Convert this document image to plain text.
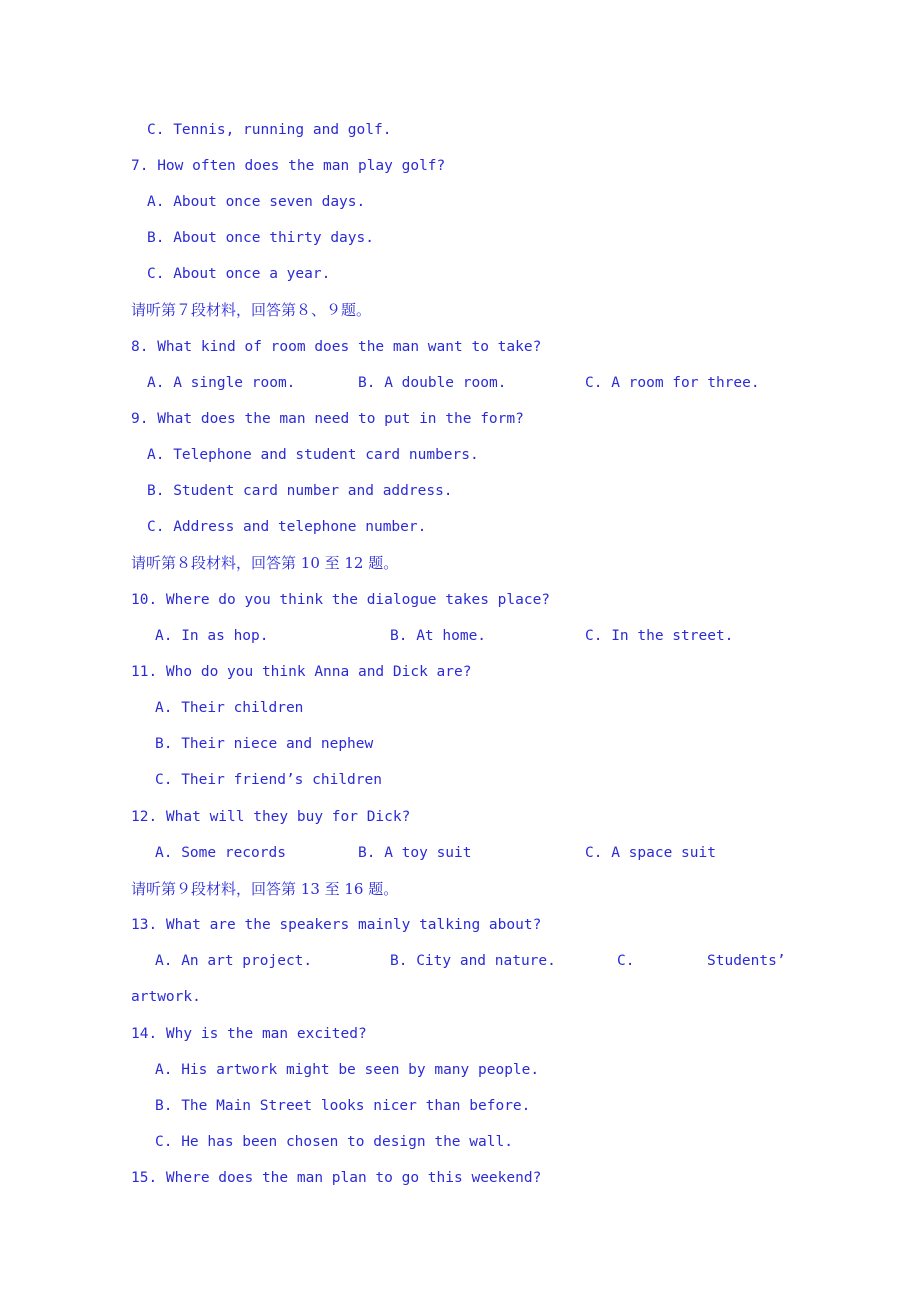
C. Tennis, running and golf.
7. How often does the man play golf?
A. About once seven days.
B. About once thirty days.
C. About once a year.
请听第７段材料，回答第８、９题。
8. What kind of room does the man want to take?
A. A single room.	B. A double room.	C. A room for three.
9. What does the man need to put in the form?
A. Telephone and student card numbers.
B. Student card number and address.
C. Address and telephone number.
请听第８段材料，回答第 10 至 12 题。
10. Where do you think the dialogue takes place?
A. In as hop.	B. At home.	C. In the street.
11. Who do you think Anna and Dick are?
A. Their children
B. Their niece and nephew
C. Their friend’s children
12. What will they buy for Dick?
A. Some records	B. A toy suit	C. A space suit
请听第９段材料，回答第 13 至 16 题。
13. What are the speakers mainly talking about?
A. An art project.	B. City and nature.	C.	Students’
artwork.
14. Why is the man excited?
A. His artwork might be seen by many people.
B. The Main Street looks nicer than before.
C. He has been chosen to design the wall.
15. Where does the man plan to go this weekend?
